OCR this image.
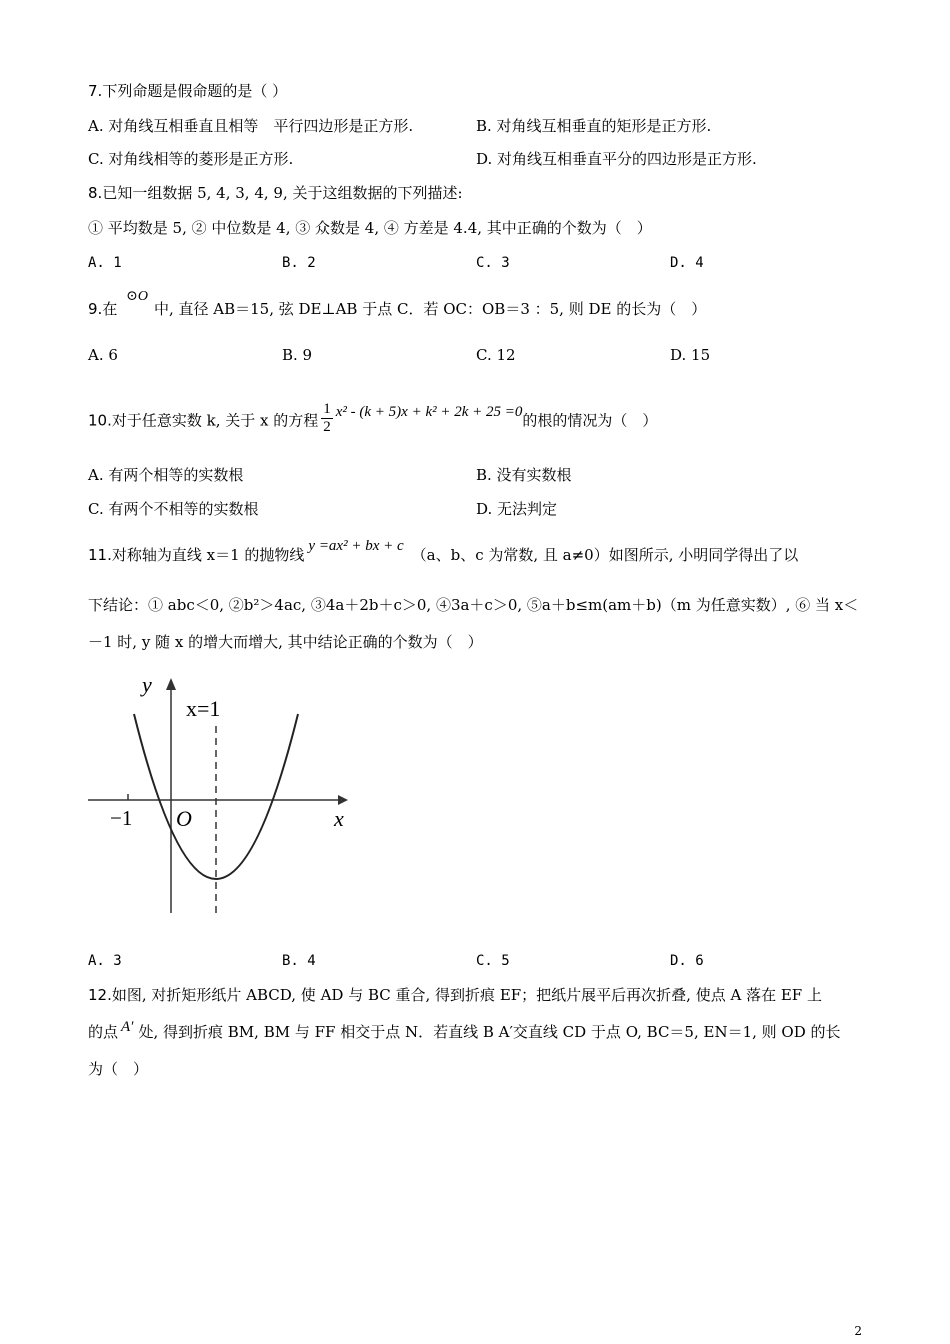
7.下列命题是假命题的是（ ）
A. 对角线互相垂直且相等　平行四边形是正方形.	B. 对角线互相垂直的矩形是正方形.
C. 对角线相等的菱形是正方形.	D. 对角线互相垂直平分的四边形是正方形.
8.已知一组数据 5, 4, 3, 4, 9, 关于这组数据的下列描述:
① 平均数是 5, ② 中位数是 4, ③ 众数是 4, ④ 方差是 4.4, 其中正确的个数为（　）
A. 1	B. 2	C. 3	D. 4
9.在 ⊙O中, 直径 AB＝15, 弦 DE⊥AB 于点 C．若 OC：OB＝3 ：5, 则 DE 的长为（　）
A. 6	B. 9	C. 12	D. 15
10.对于任意实数 k, 关于 x 的方程 $\frac{1}{2} x^2 - (k + 5)x + k^2 + 2k + 25 =0$的根的情况为（　）
A. 有两个相等的实数根	B. 没有实数根
C. 有两个不相等的实数根	D. 无法判定
11.对称轴为直线 x＝1 的抛物线 y =ax² + bx + c （a、b、c 为常数, 且 a≠0）如图所示, 小明同学得出了以
下结论：① abc＜0, ②b²＞4ac, ③4a＋2b＋c＞0, ④3a＋c＞0, ⑤a＋b≤m(am＋b)（m 为任意实数）, ⑥ 当 x＜
－1 时, y 随 x 的增大而增大, 其中结论正确的个数为（　）
y
x=1
O
−1	x
A. 3	B. 4	C. 5	D. 6
12.如图, 对折矩形纸片 ABCD, 使 AD 与 BC 重合, 得到折痕 EF；把纸片展平后再次折叠, 使点 A 落在 EF 上
的点 A′ 处, 得到折痕 BM, BM 与 FF 相交于点 N．若直线 B A′交直线 CD 于点 O, BC＝5, EN＝1, 则 OD 的长
为（　）
2
